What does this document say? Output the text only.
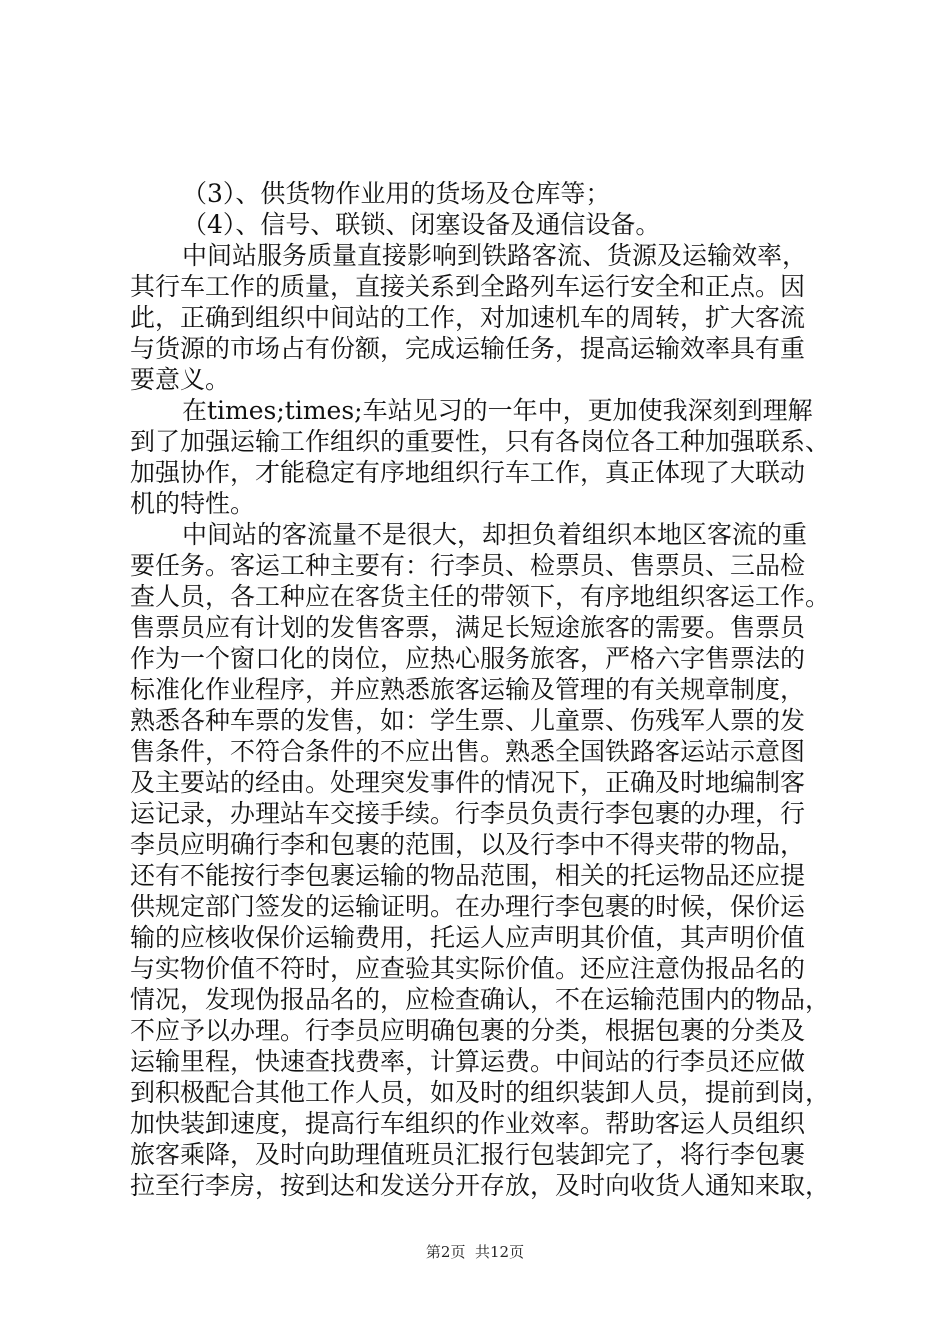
（3）、供货物作业用的货场及仓库等；
（4）、信号、联锁、闭塞设备及通信设备。
中间站服务质量直接影响到铁路客流、货源及运输效率，
其行车工作的质量，直接关系到全路列车运行安全和正点。因
此，正确到组织中间站的工作，对加速机车的周转，扩大客流
与货源的市场占有份额，完成运输任务，提高运输效率具有重
要意义。
在times;times;车站见习的一年中，更加使我深刻到理解
到了加强运输工作组织的重要性，只有各岗位各工种加强联系、
加强协作，才能稳定有序地组织行车工作，真正体现了大联动
机的特性。
中间站的客流量不是很大，却担负着组织本地区客流的重
要任务。客运工种主要有：行李员、检票员、售票员、三品检
查人员，各工种应在客货主任的带领下，有序地组织客运工作。
售票员应有计划的发售客票，满足长短途旅客的需要。售票员
作为一个窗口化的岗位，应热心服务旅客，严格六字售票法的
标准化作业程序，并应熟悉旅客运输及管理的有关规章制度，
熟悉各种车票的发售，如：学生票、儿童票、伤残军人票的发
售条件，不符合条件的不应出售。熟悉全国铁路客运站示意图
及主要站的经由。处理突发事件的情况下，正确及时地编制客
运记录，办理站车交接手续。行李员负责行李包裹的办理，行
李员应明确行李和包裹的范围，以及行李中不得夹带的物品，
还有不能按行李包裹运输的物品范围，相关的托运物品还应提
供规定部门签发的运输证明。在办理行李包裹的时候，保价运
输的应核收保价运输费用，托运人应声明其价值，其声明价值
与实物价值不符时，应查验其实际价值。还应注意伪报品名的
情况，发现伪报品名的，应检查确认，不在运输范围内的物品，
不应予以办理。行李员应明确包裹的分类，根据包裹的分类及
运输里程，快速查找费率，计算运费。中间站的行李员还应做
到积极配合其他工作人员，如及时的组织装卸人员，提前到岗，
加快装卸速度，提高行车组织的作业效率。帮助客运人员组织
旅客乘降，及时向助理值班员汇报行包装卸完了，将行李包裹
拉至行李房，按到达和发送分开存放，及时向收货人通知来取，
第2页  共12页
